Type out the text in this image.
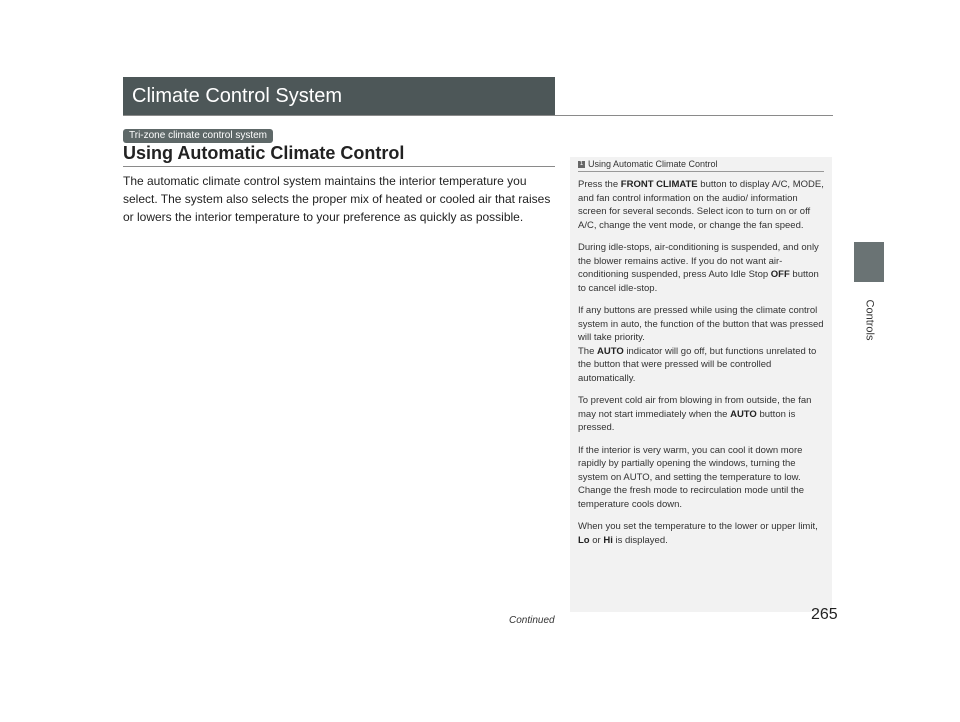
Climate Control System
Controls
Tri-zone climate control system
Using Automatic Climate Control

The automatic climate control system maintains the interior temperature you select. The system also selects the proper mix of heated or cooled air that raises or lowers the interior temperature to your preference as quickly as possible.

1 Using Automatic Climate Control

Press the FRONT CLIMATE button to display A/C, MODE, and fan control information on the audio/ information screen for several seconds. Select icon to turn on or off A/C, change the vent mode, or change the fan speed.

During idle-stops, air-conditioning is suspended, and only the blower remains active. If you do not want air-conditioning suspended, press Auto Idle Stop OFF button to cancel idle-stop.

If any buttons are pressed while using the climate control system in auto, the function of the button that was pressed will take priority.
The AUTO indicator will go off, but functions unrelated to the button that were pressed will be controlled automatically.

To prevent cold air from blowing in from outside, the fan may not start immediately when the AUTO button is pressed.

If the interior is very warm, you can cool it down more rapidly by partially opening the windows, turning the system on AUTO, and setting the temperature to low. Change the fresh mode to recirculation mode until the temperature cools down.

When you set the temperature to the lower or upper limit, Lo or Hi is displayed.

Continued	265
